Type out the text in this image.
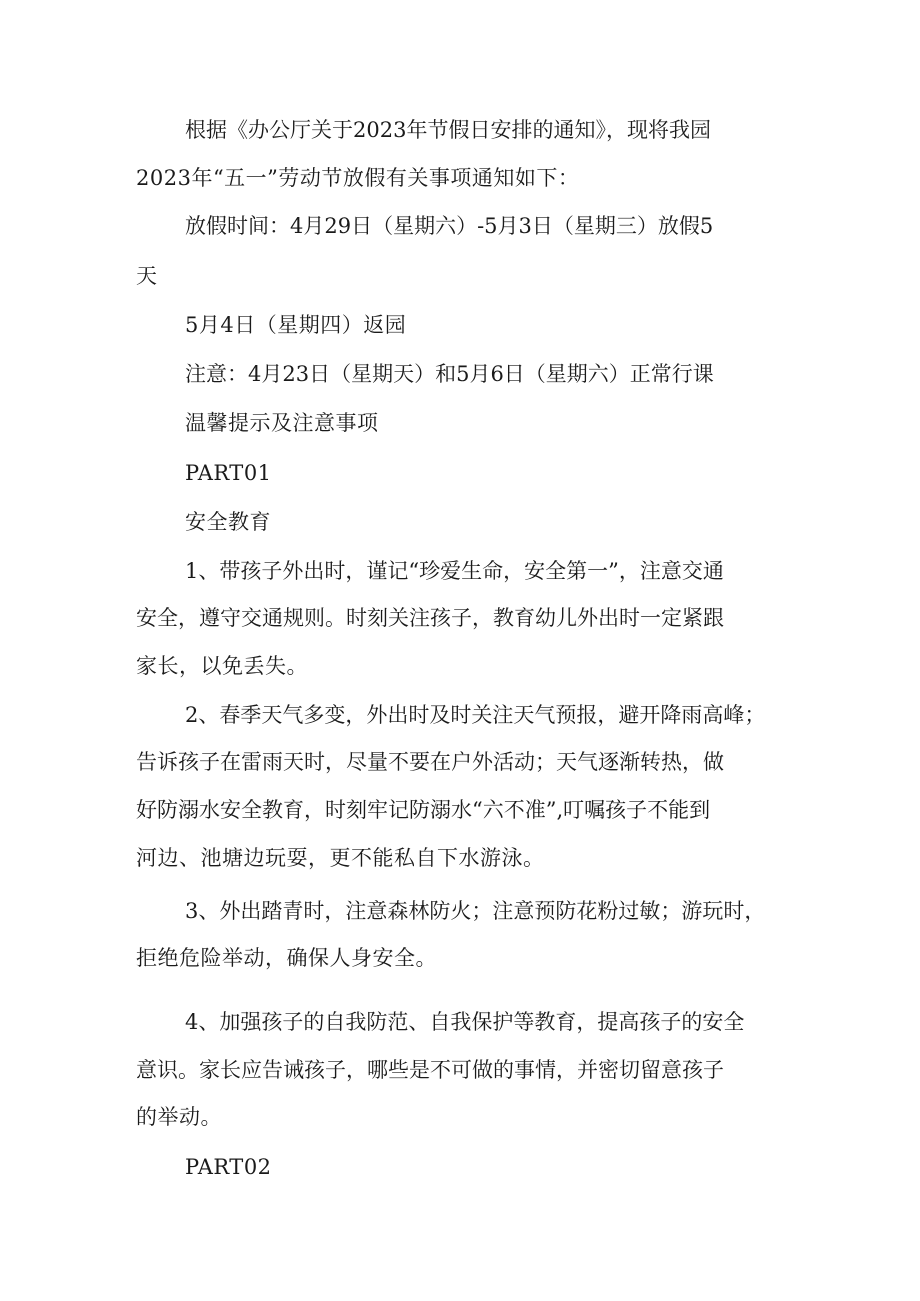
根据《办公厅关于2023年节假日安排的通知》，现将我园
2023年“五一”劳动节放假有关事项通知如下：
放假时间：4月29日（星期六）-5月3日（星期三）放假5
天
5月4日（星期四）返园
注意：4月23日（星期天）和5月6日（星期六）正常行课
温馨提示及注意事项
PART01
安全教育
1、带孩子外出时，谨记“珍爱生命，安全第一”，注意交通
安全，遵守交通规则。时刻关注孩子，教育幼儿外出时一定紧跟
家长，以免丢失。
2、春季天气多变，外出时及时关注天气预报，避开降雨高峰；
告诉孩子在雷雨天时，尽量不要在户外活动；天气逐渐转热，做
好防溺水安全教育，时刻牢记防溺水“六不准”,叮嘱孩子不能到
河边、池塘边玩耍，更不能私自下水游泳。
3、外出踏青时，注意森林防火；注意预防花粉过敏；游玩时，
拒绝危险举动，确保人身安全。
4、加强孩子的自我防范、自我保护等教育，提高孩子的安全
意识。家长应告诫孩子，哪些是不可做的事情，并密切留意孩子
的举动。
PART02
